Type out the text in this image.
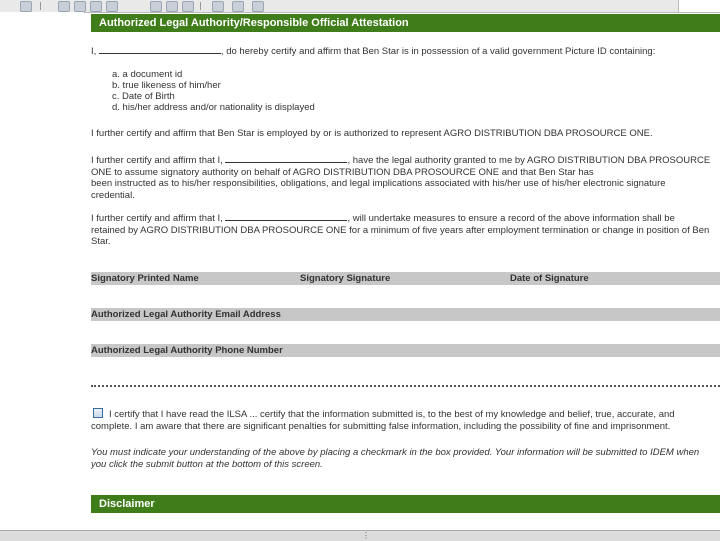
Authorized Legal Authority/Responsible Official Attestation
I,	, do hereby certify and affirm that Ben Star is in possession of a valid government Picture ID containing:
a. a document id
b. true likeness of him/her
c. Date of Birth
d. his/her address and/or nationality is displayed
I further certify and affirm that Ben Star is employed by or is authorized to represent AGRO DISTRIBUTION DBA PROSOURCE ONE.
I further certify and affirm that I,	, have the legal authority granted to me by AGRO DISTRIBUTION DBA PROSOURCE
ONE to assume signatory authority on behalf of AGRO DISTRIBUTION DBA PROSOURCE ONE and that Ben Star has
been instructed as to his/her responsibilities, obligations, and legal implications associated with his/her use of his/her electronic signature
credential.
I further certify and affirm that I,	, will undertake measures to ensure a record of the above information shall be
retained by AGRO DISTRIBUTION DBA PROSOURCE ONE for a minimum of five years after employment termination or change in position of Ben
Star.
Signatory Printed Name	Signatory Signature	Date of Signature
Authorized Legal Authority Email Address
Authorized Legal Authority Phone Number
I certify that I have read the ILSA ... certify that the information submitted is, to the best of my knowledge and belief, true, accurate, and
complete. I am aware that there are significant penalties for submitting false information, including the possibility of fine and imprisonment.
You must indicate your understanding of the above by placing a checkmark in the box provided. Your information will be submitted to IDEM when
you click the submit button at the bottom of this screen.
Disclaimer
⋮
